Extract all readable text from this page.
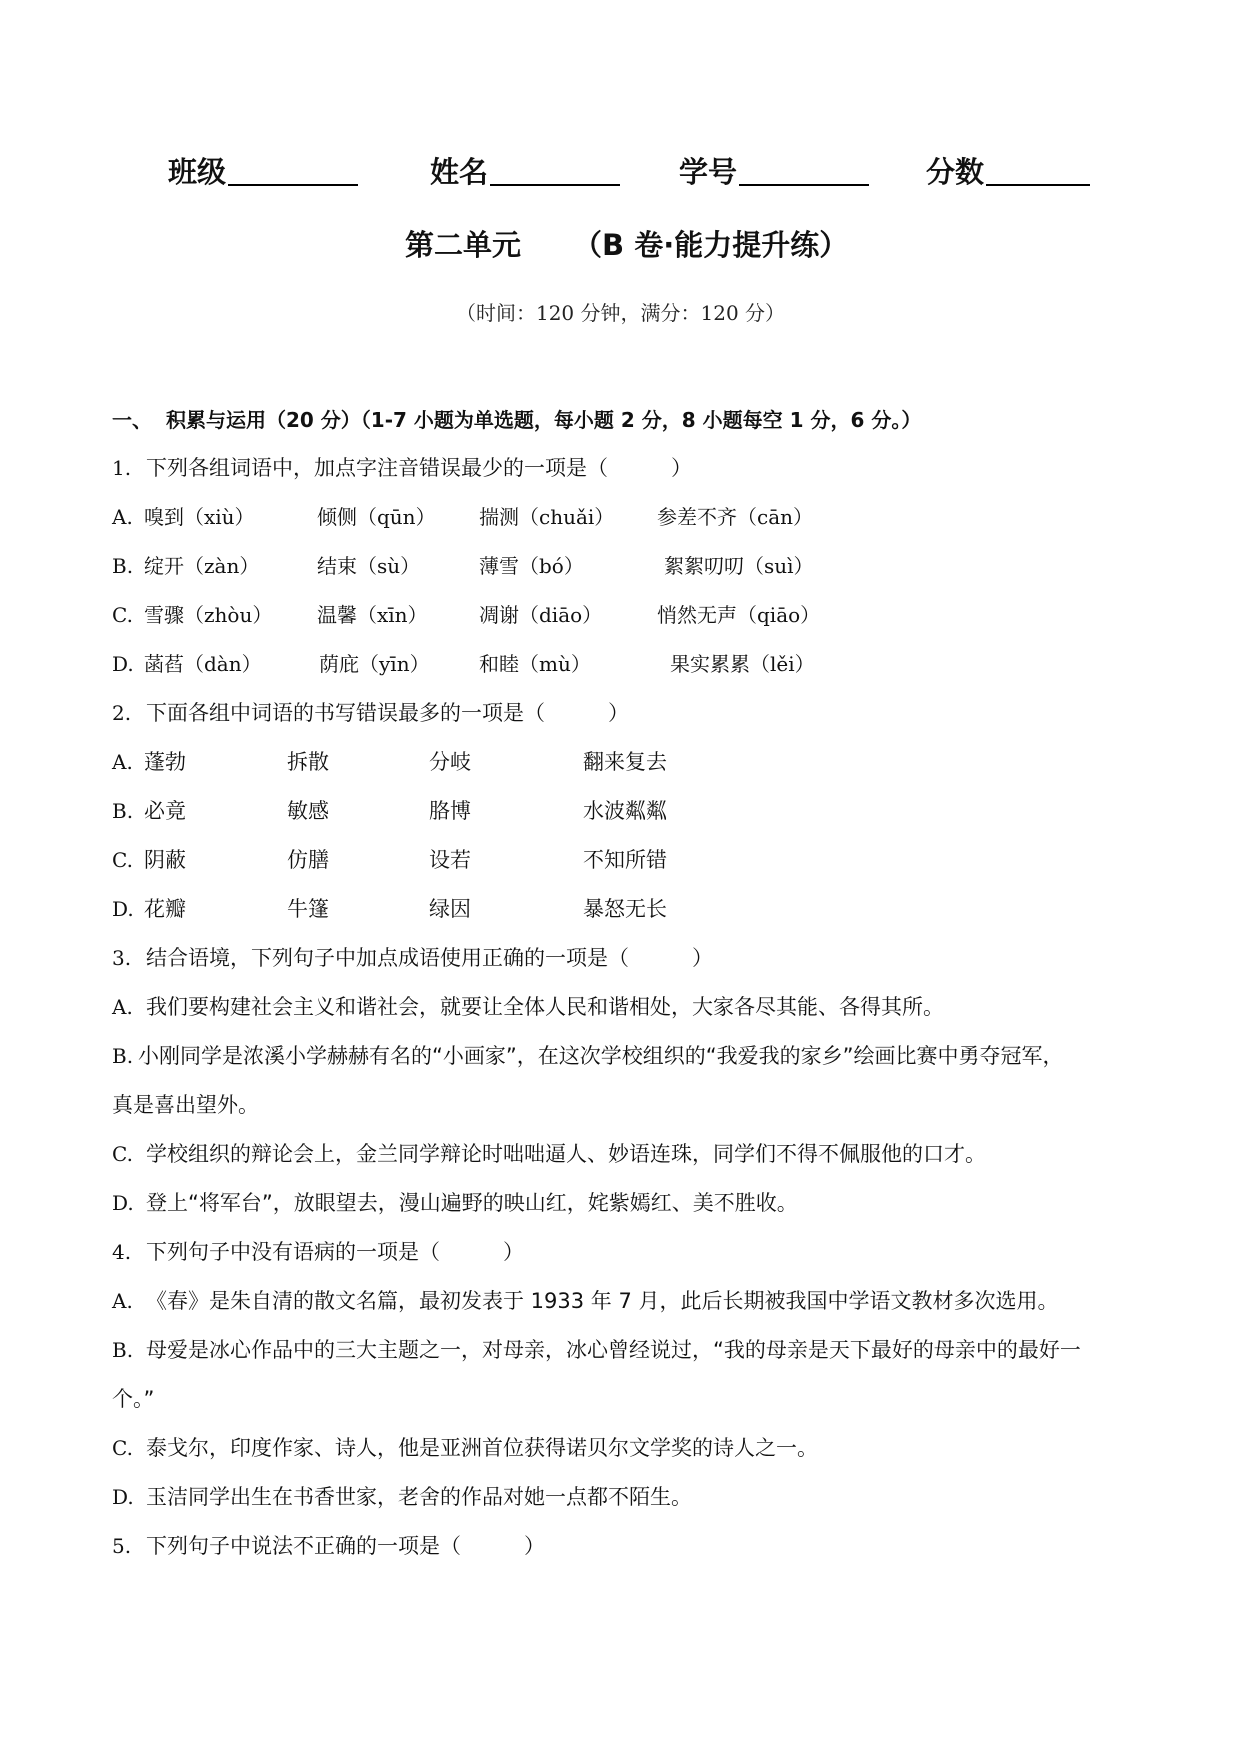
班级	姓名	学号	分数
第二单元 （B 卷·能力提升练）
（时间：120 分钟，满分：120 分）
一、 积累与运用（20 分）（1-7 小题为单选题，每小题 2 分，8 小题每空 1 分，6 分。）
1. 下列各组词语中，加点字注音错误最少的一项是（　　　）
A. 嗅到（xiù）	倾侧（qūn） 揣测（chuǎi） 参差不齐（cān）
B. 绽开（zàn）	结束（sù）	薄雪（bó）	絮絮叨叨（suì）
C. 雪骤（zhòu） 温馨（xīn）	凋谢（diāo）	悄然无声（qiāo）
D. 菡萏（dàn）	荫庇（yīn） 和睦（mù）	果实累累（lěi）
2. 下面各组中词语的书写错误最多的一项是（　　　）
A. 蓬勃	拆散	分岐	翻来复去
B. 必竟	敏感	胳博	水波粼粼
C. 阴蔽	仿膳	设若	不知所错
D. 花瓣	牛篷	绿因	暴怒无长
3. 结合语境，下列句子中加点成语使用正确的一项是（　　　）
A. 我们要构建社会主义和谐社会，就要让全体人民和谐相处，大家各尽其能、各得其所。
B. 小刚同学是浓溪小学赫赫有名的“小画家”，在这次学校组织的“我爱我的家乡”绘画比赛中勇夺冠军，
真是喜出望外。
C. 学校组织的辩论会上，金兰同学辩论时咄咄逼人、妙语连珠，同学们不得不佩服他的口才。
D. 登上“将军台”，放眼望去，漫山遍野的映山红，姹紫嫣红、美不胜收。
4. 下列句子中没有语病的一项是（　　　）
A. 《春》是朱自清的散文名篇，最初发表于 1933 年 7 月，此后长期被我国中学语文教材多次选用。
B. 母爱是冰心作品中的三大主题之一，对母亲，冰心曾经说过，“我的母亲是天下最好的母亲中的最好一
个。”
C. 泰戈尔，印度作家、诗人，他是亚洲首位获得诺贝尔文学奖的诗人之一。
D. 玉洁同学出生在书香世家，老舍的作品对她一点都不陌生。
5. 下列句子中说法不正确的一项是（　　　）
